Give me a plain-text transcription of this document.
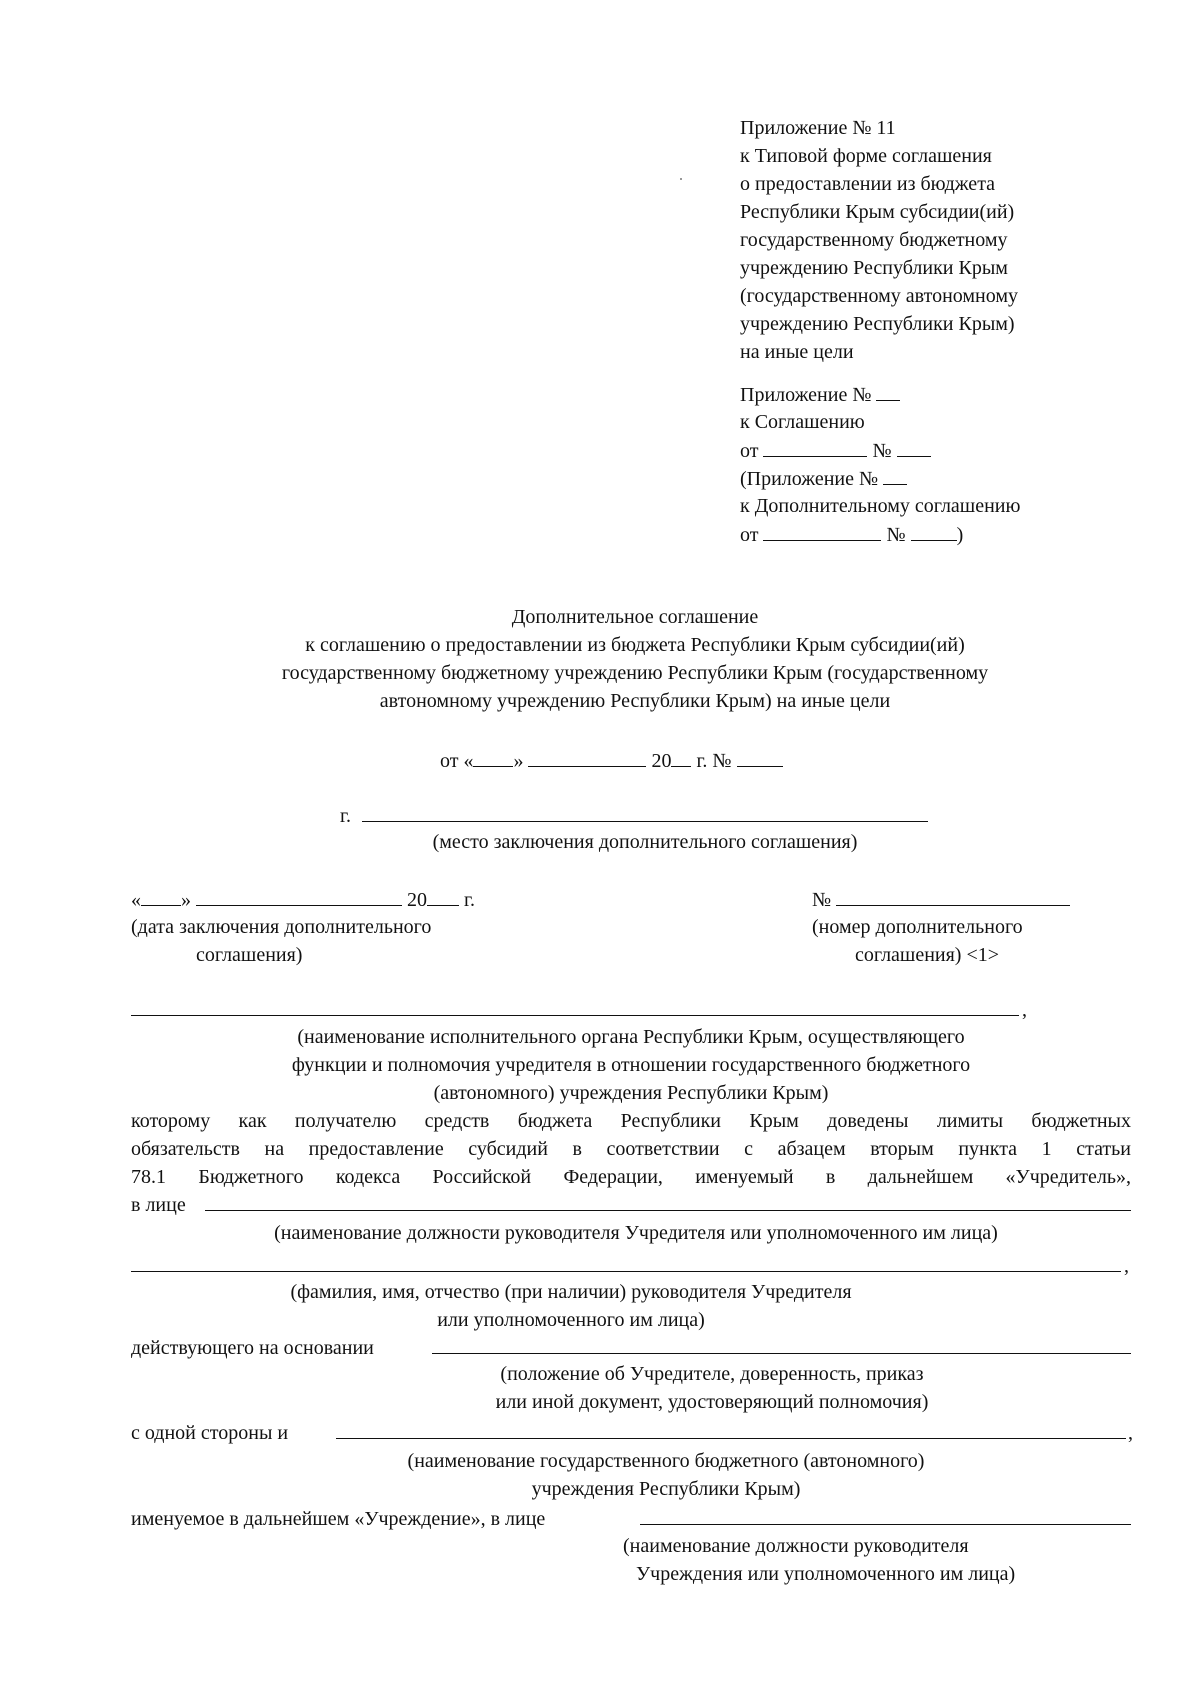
Приложение № 11
к Типовой форме соглашения
о предоставлении из бюджета
Республики Крым субсидии(ий)
государственному бюджетному
учреждению Республики Крым
(государственному автономному
учреждению Республики Крым)
на иные цели
Приложение №
к Соглашению
от	№
(Приложение №
к Дополнительному соглашению
от	№	)
Дополнительное соглашение
к соглашению о предоставлении из бюджета Республики Крым субсидии(ий)
государственному бюджетному учреждению Республики Крым (государственному
автономному учреждению Республики Крым) на иные цели
от « »	20 г. №
г.
(место заключения дополнительного соглашения)
« »	20 г.
(дата заключения дополнительного
соглашения)
№
(номер дополнительного
соглашения) <1>
,
(наименование исполнительного органа Республики Крым, осуществляющего
функции и полномочия учредителя в отношении государственного бюджетного
(автономного) учреждения Республики Крым)
которому как получателю средств бюджета Республики Крым доведены лимиты бюджетных
обязательств на предоставление субсидий в соответствии с абзацем вторым пункта 1 статьи
78.1 Бюджетного кодекса Российской Федерации, именуемый в дальнейшем «Учредитель»,
в лице
(наименование должности руководителя Учредителя или уполномоченного им лица)
,
(фамилия, имя, отчество (при наличии) руководителя Учредителя
или уполномоченного им лица)
действующего на основании
(положение об Учредителе, доверенность, приказ
или иной документ, удостоверяющий полномочия)
с одной стороны и	,
(наименование государственного бюджетного (автономного)
учреждения Республики Крым)
именуемое в дальнейшем «Учреждение», в лице
(наименование должности руководителя
Учреждения или уполномоченного им лица)
